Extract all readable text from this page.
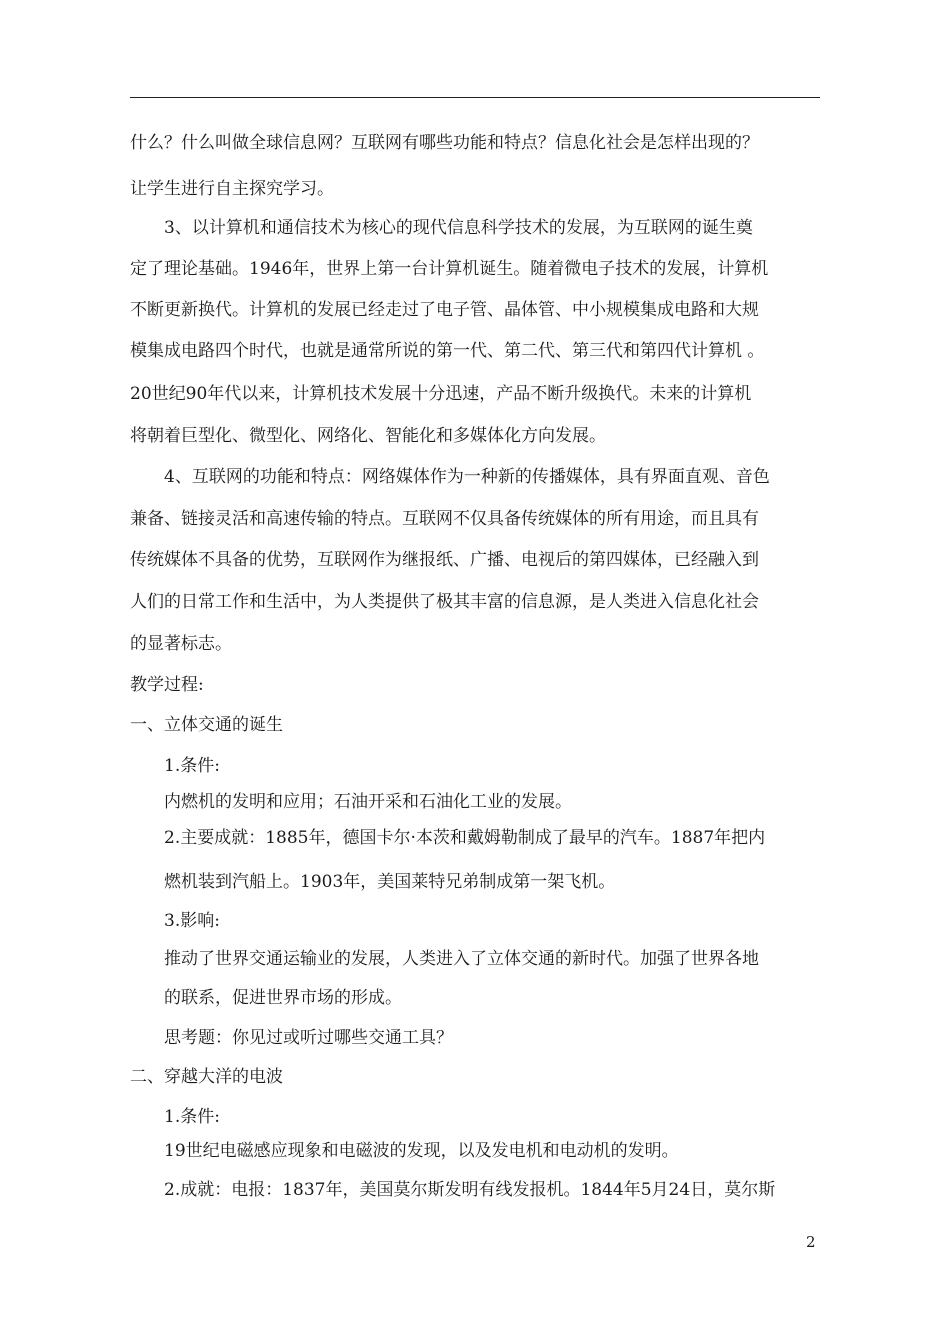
什么？什么叫做全球信息网？互联网有哪些功能和特点？信息化社会是怎样出现的？
让学生进行自主探究学习。
3、以计算机和通信技术为核心的现代信息科学技术的发展，为互联网的诞生奠
定了理论基础。1946年，世界上第一台计算机诞生。随着微电子技术的发展，计算机
不断更新换代。计算机的发展已经走过了电子管、晶体管、中小规模集成电路和大规
模集成电路四个时代，也就是通常所说的第一代、第二代、第三代和第四代计算机 。
20世纪90年代以来，计算机技术发展十分迅速，产品不断升级换代。未来的计算机
将朝着巨型化、微型化、网络化、智能化和多媒体化方向发展。
4、互联网的功能和特点：网络媒体作为一种新的传播媒体，具有界面直观、音色
兼备、链接灵活和高速传输的特点。互联网不仅具备传统媒体的所有用途，而且具有
传统媒体不具备的优势，互联网作为继报纸、广播、电视后的第四媒体，已经融入到
人们的日常工作和生活中，为人类提供了极其丰富的信息源，是人类进入信息化社会
的显著标志。
教学过程:
一、立体交通的诞生
1.条件:
内燃机的发明和应用；石油开采和石油化工业的发展。
2.主要成就：1885年，德国卡尔·本茨和戴姆勒制成了最早的汽车。1887年把内
燃机装到汽船上。1903年，美国莱特兄弟制成第一架飞机。
3.影响:
推动了世界交通运输业的发展，人类进入了立体交通的新时代。加强了世界各地
的联系，促进世界市场的形成。
思考题：你见过或听过哪些交通工具？
二、穿越大洋的电波
1.条件:
19世纪电磁感应现象和电磁波的发现，以及发电机和电动机的发明。
2.成就：电报：1837年，美国莫尔斯发明有线发报机。1844年5月24日，莫尔斯
2
